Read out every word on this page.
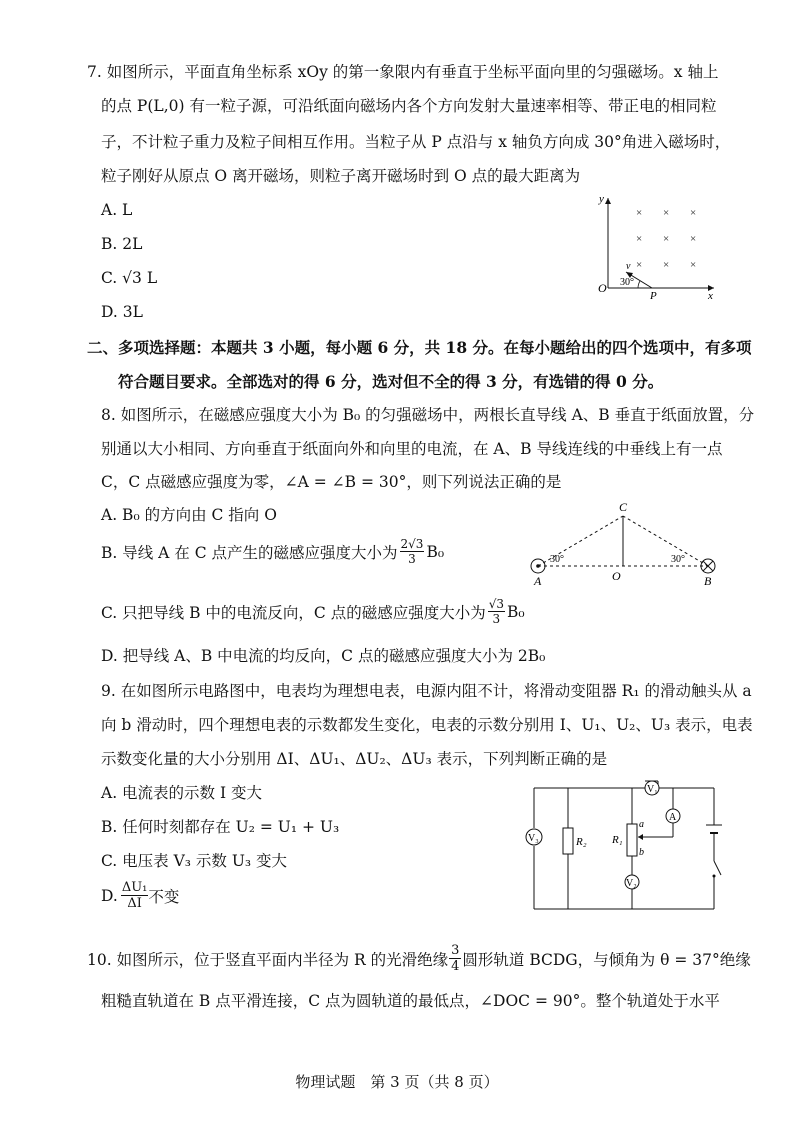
7. 如图所示，平面直角坐标系 xOy 的第一象限内有垂直于坐标平面向里的匀强磁场。x 轴上
的点 P(L,0) 有一粒子源，可沿纸面向磁场内各个方向发射大量速率相等、带正电的相同粒
子，不计粒子重力及粒子间相互作用。当粒子从 P 点沿与 x 轴负方向成 30°角进入磁场时，
粒子刚好从原点 O 离开磁场，则粒子离开磁场时到 O 点的最大距离为
A. L
B. 2L
C. √3 L
D. 3L
y
x
O
P
× × ×
× × ×
× × ×
v
30°
二、多项选择题：本题共 3 小题，每小题 6 分，共 18 分。在每小题给出的四个选项中，有多项
符合题目要求。全部选对的得 6 分，选对但不全的得 3 分，有选错的得 0 分。
8. 如图所示，在磁感应强度大小为 B₀ 的匀强磁场中，两根长直导线 A、B 垂直于纸面放置，分
别通以大小相同、方向垂直于纸面向外和向里的电流，在 A、B 导线连线的中垂线上有一点
C，C 点磁感应强度为零，∠A = ∠B = 30°，则下列说法正确的是
A. B₀ 的方向由 C 指向 O
B. 导线 A 在 C 点产生的磁感应强度大小为 $\frac{2√3}{3} B_0$
C. 只把导线 B 中的电流反向，C 点的磁感应强度大小为 $\frac{√3}{3} B_0$
D. 把导线 A、B 中电流的均反向，C 点的磁感应强度大小为 2B₀
C
O
A	B
30°	30°
9. 在如图所示电路图中，电表均为理想电表，电源内阻不计，将滑动变阻器 R₁ 的滑动触头从 a
向 b 滑动时，四个理想电表的示数都发生变化，电表的示数分别用 I、U₁、U₂、U₃ 表示，电表
示数变化量的大小分别用 ΔI、ΔU₁、ΔU₂、ΔU₃ 表示，下列判断正确的是
A. 电流表的示数 I 变大
B. 任何时刻都存在 U₂ = U₁ + U₃
C. 电压表 V₃ 示数 U₃ 变大
D. $\frac{\text{ΔU₁}}{\Delta I}$ 不变
V₁
A
V₃
V₂
R₂ R₁
a
b
10. 如图所示，位于竖直平面内半径为 R 的光滑绝缘 $\frac{3}{4}$ 圆形轨道 BCDG，与倾角为 θ = 37°绝缘
粗糙直轨道在 B 点平滑连接，C 点为圆轨道的最低点，∠DOC = 90°。整个轨道处于水平
物理试题　第 3 页（共 8 页）
